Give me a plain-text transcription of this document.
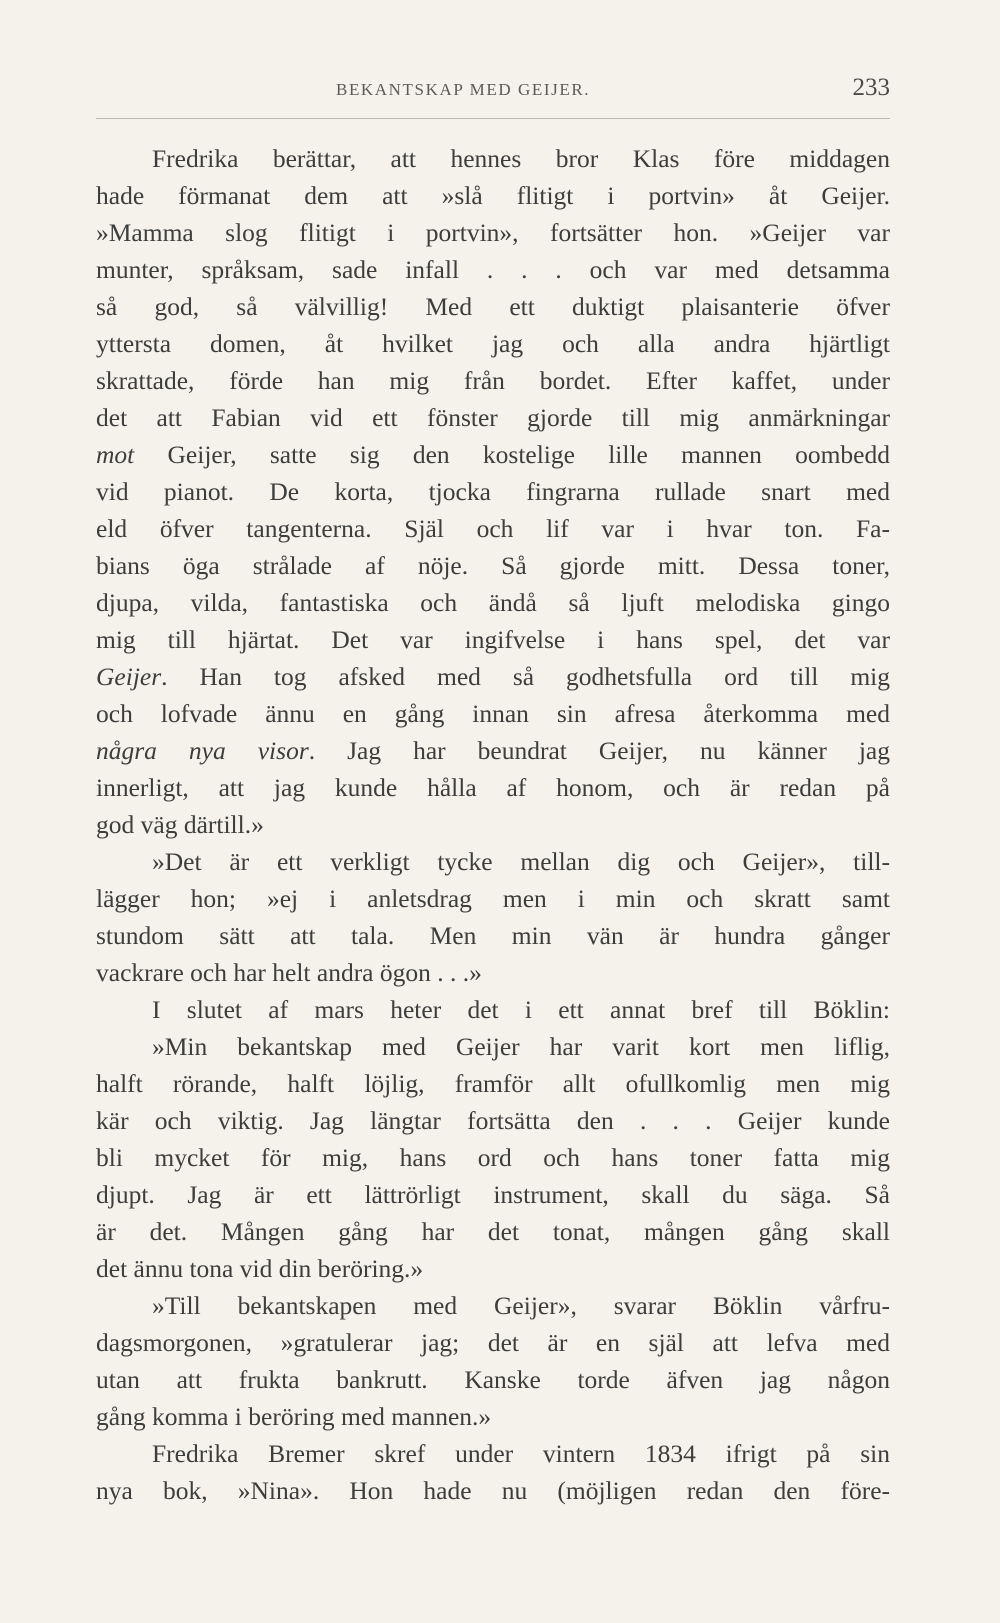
BEKANTSKAP MED GEIJER.	233
Fredrika berättar, att hennes bror Klas före middagen
hade förmanat dem att »slå flitigt i portvin» åt Geijer.
»Mamma slog flitigt i portvin», fortsätter hon. »Geijer var
munter, språksam, sade infall . . . och var med detsamma
så god, så välvillig! Med ett duktigt plaisanterie öfver
yttersta domen, åt hvilket jag och alla andra hjärtligt
skrattade, förde han mig från bordet. Efter kaffet, under
det att Fabian vid ett fönster gjorde till mig anmärkningar
mot Geijer, satte sig den kostelige lille mannen oombedd
vid pianot. De korta, tjocka fingrarna rullade snart med
eld öfver tangenterna. Själ och lif var i hvar ton. Fa-
bians öga strålade af nöje. Så gjorde mitt. Dessa toner,
djupa, vilda, fantastiska och ändå så ljuft melodiska gingo
mig till hjärtat. Det var ingifvelse i hans spel, det var
Geijer. Han tog afsked med så godhetsfulla ord till mig
och lofvade ännu en gång innan sin afresa återkomma med
några nya visor. Jag har beundrat Geijer, nu känner jag
innerligt, att jag kunde hålla af honom, och är redan på
god väg därtill.»
»Det är ett verkligt tycke mellan dig och Geijer», till-
lägger hon; »ej i anletsdrag men i min och skratt samt
stundom sätt att tala. Men min vän är hundra gånger
vackrare och har helt andra ögon . . .»
I slutet af mars heter det i ett annat bref till Böklin:
»Min bekantskap med Geijer har varit kort men liflig,
halft rörande, halft löjlig, framför allt ofullkomlig men mig
kär och viktig. Jag längtar fortsätta den . . . Geijer kunde
bli mycket för mig, hans ord och hans toner fatta mig
djupt. Jag är ett lättrörligt instrument, skall du säga. Så
är det. Mången gång har det tonat, mången gång skall
det ännu tona vid din beröring.»
»Till bekantskapen med Geijer», svarar Böklin vårfru-
dagsmorgonen, »gratulerar jag; det är en själ att lefva med
utan att frukta bankrutt. Kanske torde äfven jag någon
gång komma i beröring med mannen.»
Fredrika Bremer skref under vintern 1834 ifrigt på sin
nya bok, »Nina». Hon hade nu (möjligen redan den före-
